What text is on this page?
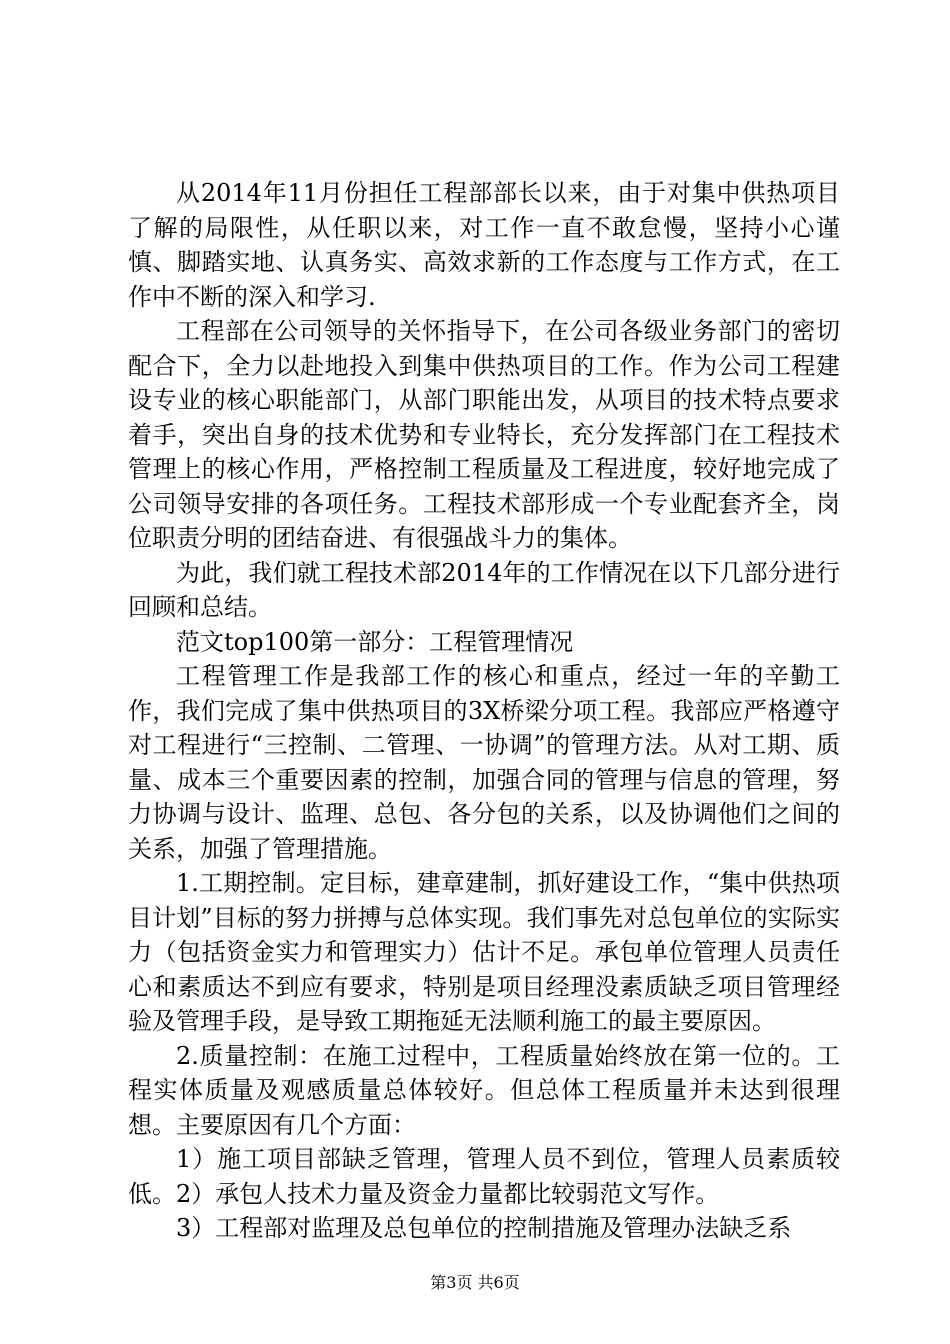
从2014年11月份担任工程部部长以来，由于对集中供热项目了解的局限性，从任职以来，对工作一直不敢怠慢，坚持小心谨慎、脚踏实地、认真务实、高效求新的工作态度与工作方式，在工作中不断的深入和学习.

工程部在公司领导的关怀指导下，在公司各级业务部门的密切配合下，全力以赴地投入到集中供热项目的工作。作为公司工程建设专业的核心职能部门，从部门职能出发，从项目的技术特点要求着手，突出自身的技术优势和专业特长，充分发挥部门在工程技术管理上的核心作用，严格控制工程质量及工程进度，较好地完成了公司领导安排的各项任务。工程技术部形成一个专业配套齐全，岗位职责分明的团结奋进、有很强战斗力的集体。

为此，我们就工程技术部2014年的工作情况在以下几部分进行回顾和总结。

范文top100第一部分：工程管理情况

工程管理工作是我部工作的核心和重点，经过一年的辛勤工作，我们完成了集中供热项目的3X桥梁分项工程。我部应严格遵守对工程进行“三控制、二管理、一协调”的管理方法。从对工期、质量、成本三个重要因素的控制，加强合同的管理与信息的管理，努力协调与设计、监理、总包、各分包的关系，以及协调他们之间的关系，加强了管理措施。

1.工期控制。定目标，建章建制，抓好建设工作，“集中供热项目计划”目标的努力拼搏与总体实现。我们事先对总包单位的实际实力（包括资金实力和管理实力）估计不足。承包单位管理人员责任心和素质达不到应有要求，特别是项目经理没素质缺乏项目管理经验及管理手段，是导致工期拖延无法顺利施工的最主要原因。

2.质量控制：在施工过程中，工程质量始终放在第一位的。工程实体质量及观感质量总体较好。但总体工程质量并未达到很理想。主要原因有几个方面：

1）施工项目部缺乏管理，管理人员不到位，管理人员素质较低。2）承包人技术力量及资金力量都比较弱范文写作。

3）工程部对监理及总包单位的控制措施及管理办法缺乏系

第3页 共6页
